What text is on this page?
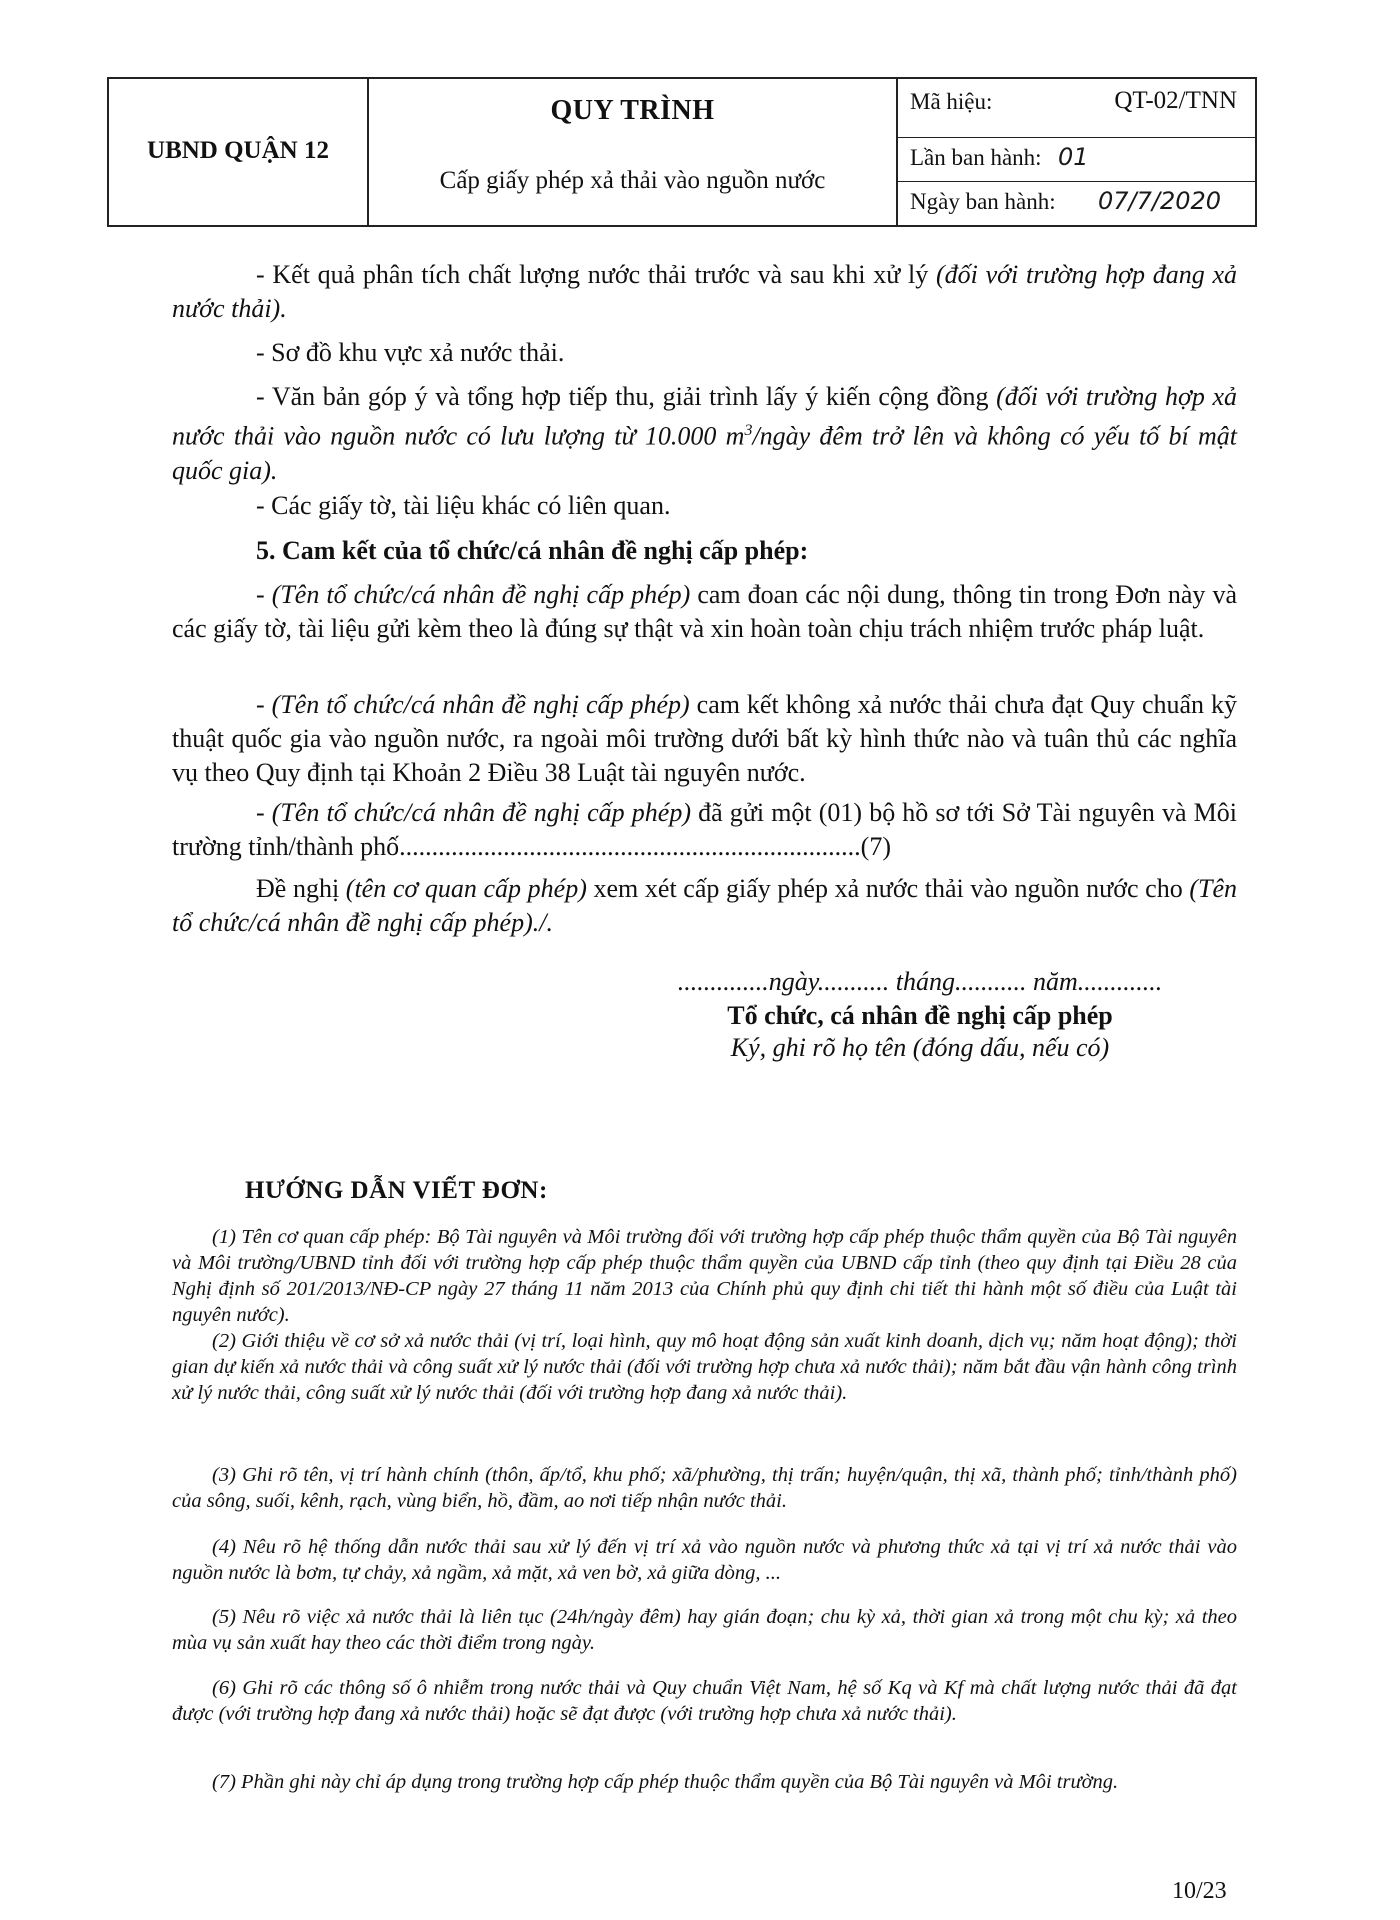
UBND QUẬN 12
QUY TRÌNH
Cấp giấy phép xả thải vào nguồn nước
Mã hiệu:	QT-02/TNN
Lần ban hành: 01
Ngày ban hành: 07/7/2020
- Kết quả phân tích chất lượng nước thải trước và sau khi xử lý (đối với trường hợp đang xả nước thải).
- Sơ đồ khu vực xả nước thải.
- Văn bản góp ý và tổng hợp tiếp thu, giải trình lấy ý kiến cộng đồng (đối với trường hợp xả nước thải vào nguồn nước có lưu lượng từ 10.000 $m^3$/ngày đêm trở lên và không có yếu tố bí mật quốc gia).
- Các giấy tờ, tài liệu khác có liên quan.
5. Cam kết của tổ chức/cá nhân đề nghị cấp phép:
- (Tên tổ chức/cá nhân đề nghị cấp phép) cam đoan các nội dung, thông tin trong Đơn này và các giấy tờ, tài liệu gửi kèm theo là đúng sự thật và xin hoàn toàn chịu trách nhiệm trước pháp luật.
- (Tên tổ chức/cá nhân đề nghị cấp phép) cam kết không xả nước thải chưa đạt Quy chuẩn kỹ thuật quốc gia vào nguồn nước, ra ngoài môi trường dưới bất kỳ hình thức nào và tuân thủ các nghĩa vụ theo Quy định tại Khoản 2 Điều 38 Luật tài nguyên nước.
- (Tên tổ chức/cá nhân đề nghị cấp phép) đã gửi một (01) bộ hồ sơ tới Sở Tài nguyên và Môi trường tỉnh/thành phố.......................................................................(7)
Đề nghị (tên cơ quan cấp phép) xem xét cấp giấy phép xả nước thải vào nguồn nước cho (Tên tổ chức/cá nhân đề nghị cấp phép)./.
..............ngày........... tháng........... năm.............
Tổ chức, cá nhân đề nghị cấp phép
Ký, ghi rõ họ tên (đóng dấu, nếu có)
HƯỚNG DẪN VIẾT ĐƠN:
(1) Tên cơ quan cấp phép: Bộ Tài nguyên và Môi trường đối với trường hợp cấp phép thuộc thẩm quyền của Bộ Tài nguyên và Môi trường/UBND tỉnh đối với trường hợp cấp phép thuộc thẩm quyền của UBND cấp tỉnh (theo quy định tại Điều 28 của Nghị định số 201/2013/NĐ-CP ngày 27 tháng 11 năm 2013 của Chính phủ quy định chi tiết thi hành một số điều của Luật tài nguyên nước).
(2) Giới thiệu về cơ sở xả nước thải (vị trí, loại hình, quy mô hoạt động sản xuất kinh doanh, dịch vụ; năm hoạt động); thời gian dự kiến xả nước thải và công suất xử lý nước thải (đối với trường hợp chưa xả nước thải); năm bắt đầu vận hành công trình xử lý nước thải, công suất xử lý nước thải (đối với trường hợp đang xả nước thải).
(3) Ghi rõ tên, vị trí hành chính (thôn, ấp/tổ, khu phố; xã/phường, thị trấn; huyện/quận, thị xã, thành phố; tỉnh/thành phố) của sông, suối, kênh, rạch, vùng biển, hồ, đầm, ao nơi tiếp nhận nước thải.
(4) Nêu rõ hệ thống dẫn nước thải sau xử lý đến vị trí xả vào nguồn nước và phương thức xả tại vị trí xả nước thải vào nguồn nước là bơm, tự chảy, xả ngầm, xả mặt, xả ven bờ, xả giữa dòng, ...
(5) Nêu rõ việc xả nước thải là liên tục (24h/ngày đêm) hay gián đoạn; chu kỳ xả, thời gian xả trong một chu kỳ; xả theo mùa vụ sản xuất hay theo các thời điểm trong ngày.
(6) Ghi rõ các thông số ô nhiễm trong nước thải và Quy chuẩn Việt Nam, hệ số Kq và Kf mà chất lượng nước thải đã đạt được (với trường hợp đang xả nước thải) hoặc sẽ đạt được (với trường hợp chưa xả nước thải).
(7) Phần ghi này chỉ áp dụng trong trường hợp cấp phép thuộc thẩm quyền của Bộ Tài nguyên và Môi trường.
10/23
